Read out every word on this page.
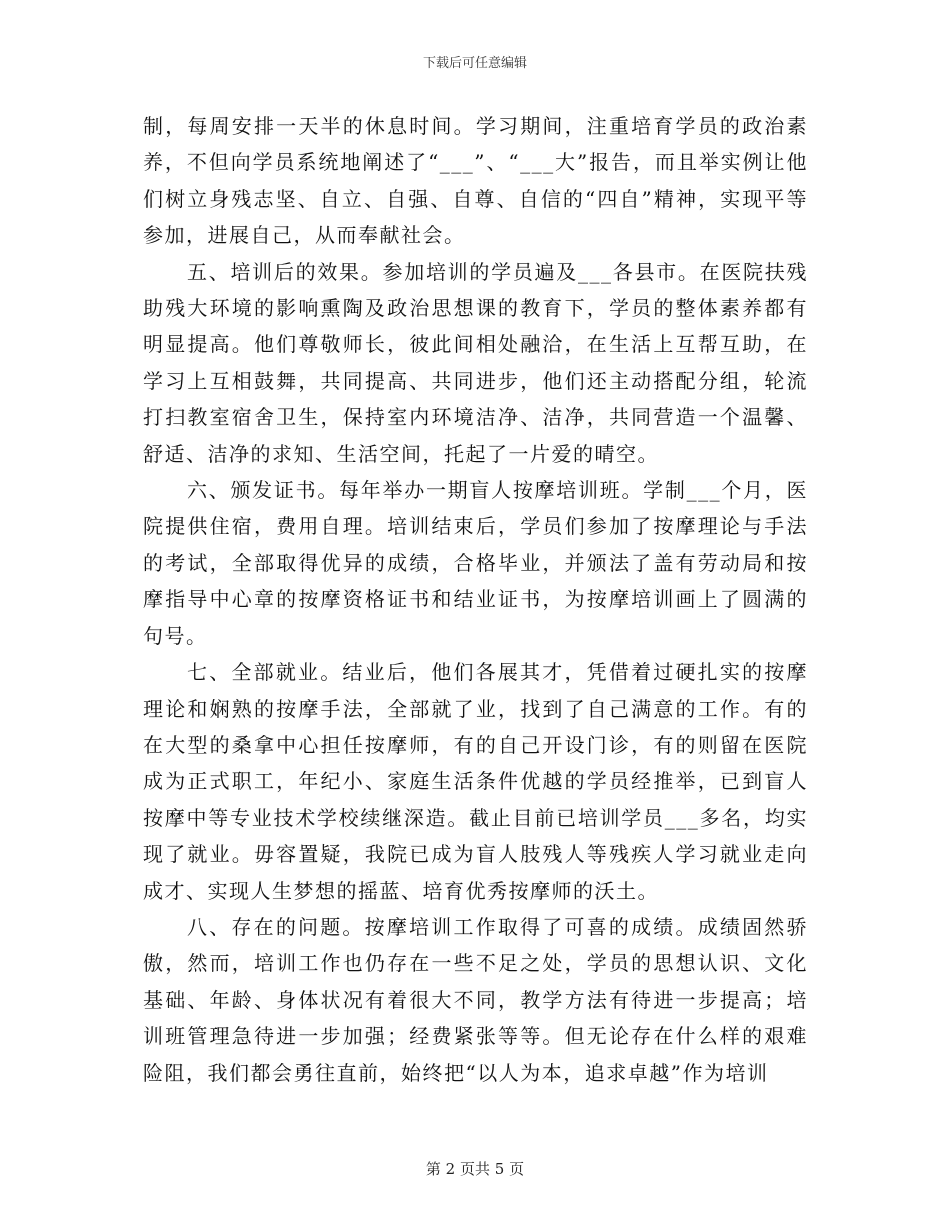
下载后可任意编辑

制，每周安排一天半的休息时间。学习期间，注重培育学员的政治素养，不但向学员系统地阐述了“___”、“___大”报告，而且举实例让他们树立身残志坚、自立、自强、自尊、自信的“四自”精神，实现平等参加，进展自己，从而奉献社会。

五、培训后的效果。参加培训的学员遍及___各县市。在医院扶残助残大环境的影响熏陶及政治思想课的教育下，学员的整体素养都有明显提高。他们尊敬师长，彼此间相处融洽，在生活上互帮互助，在学习上互相鼓舞，共同提高、共同进步，他们还主动搭配分组，轮流打扫教室宿舍卫生，保持室内环境洁净、洁净，共同营造一个温馨、舒适、洁净的求知、生活空间，托起了一片爱的晴空。

六、颁发证书。每年举办一期盲人按摩培训班。学制___个月，医院提供住宿，费用自理。培训结束后，学员们参加了按摩理论与手法的考试，全部取得优异的成绩，合格毕业，并颁法了盖有劳动局和按摩指导中心章的按摩资格证书和结业证书，为按摩培训画上了圆满的句号。

七、全部就业。结业后，他们各展其才，凭借着过硬扎实的按摩理论和娴熟的按摩手法，全部就了业，找到了自己满意的工作。有的在大型的桑拿中心担任按摩师，有的自己开设门诊，有的则留在医院成为正式职工，年纪小、家庭生活条件优越的学员经推举，已到盲人按摩中等专业技术学校续继深造。截止目前已培训学员___多名，均实现了就业。毋容置疑，我院已成为盲人肢残人等残疾人学习就业走向成才、实现人生梦想的摇蓝、培育优秀按摩师的沃土。

八、存在的问题。按摩培训工作取得了可喜的成绩。成绩固然骄傲，然而，培训工作也仍存在一些不足之处，学员的思想认识、文化基础、年龄、身体状况有着很大不同，教学方法有待进一步提高；培训班管理急待进一步加强；经费紧张等等。但无论存在什么样的艰难险阻，我们都会勇往直前，始终把“以人为本，追求卓越”作为培训

第 2 页共 5 页
